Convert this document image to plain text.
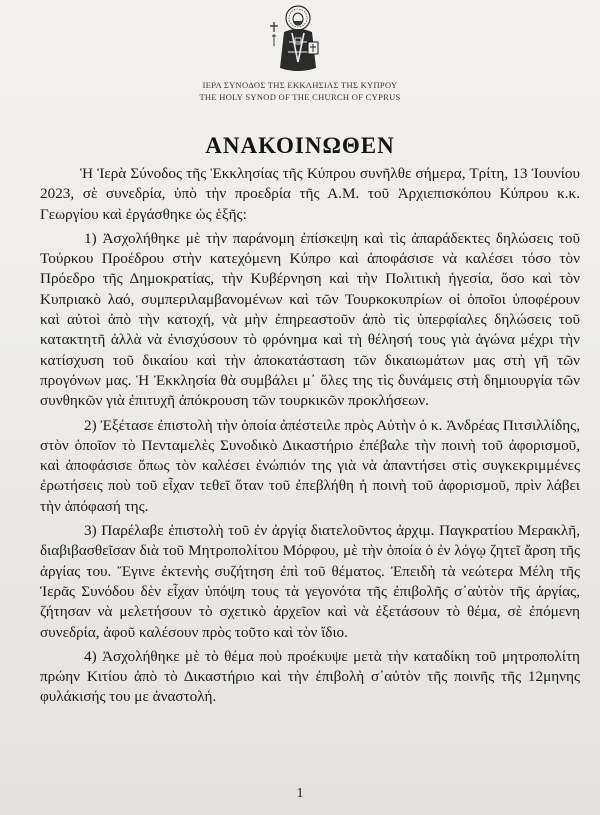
ΙΕΡΑ ΣΥΝΟΔΟΣ ΤΗΣ ΕΚΚΛΗΣΙΑΣ ΤΗΣ ΚΥΠΡΟΥ
THE HOLY SYNOD OF THE CHURCH OF CYPRUS
ΑΝΑΚΟΙΝΩΘΕΝ

Ἡ Ἱερὰ Σύνοδος τῆς Ἐκκλησίας τῆς Κύπρου συνῆλθε σήμερα, Τρίτη, 13 Ἰουνίου 2023, σὲ συνεδρία, ὑπὸ τὴν προεδρία τῆς Α.Μ. τοῦ Ἀρχιεπισκόπου Κύπρου κ.κ. Γεωργίου καὶ ἐργάσθηκε ὡς ἑξῆς:

1) Ἀσχολήθηκε μὲ τὴν παράνομη ἐπίσκεψη καὶ τὶς ἀπαράδεκτες δηλώσεις τοῦ Τούρκου Προέδρου στὴν κατεχόμενη Κύπρο καὶ ἀποφάσισε νὰ καλέσει τόσο τὸν Πρόεδρο τῆς Δημοκρατίας, τὴν Κυβέρνηση καὶ τὴν Πολιτικὴ ἡγεσία, ὅσο καὶ τὸν Κυπριακὸ λαό, συμπεριλαμβανομένων καὶ τῶν Τουρκοκυπρίων οἱ ὁποῖοι ὑποφέρουν καὶ αὐτοὶ ἀπὸ τὴν κατοχή, νὰ μὴν ἐπηρεαστοῦν ἀπὸ τὶς ὑπερφίαλες δηλώσεις τοῦ κατακτητῆ ἀλλὰ νὰ ἐνισχύσουν τὸ φρόνημα καὶ τὴ θέλησή τους γιὰ ἀγώνα μέχρι τὴν κατίσχυση τοῦ δικαίου καὶ τὴν ἀποκατάσταση τῶν δικαιωμάτων μας στὴ γῆ τῶν προγόνων μας. Ἡ Ἐκκλησία θὰ συμβάλει μ᾽ ὅλες της τὶς δυνάμεις στὴ δημιουργία τῶν συνθηκῶν γιὰ ἐπιτυχῆ ἀπόκρουση τῶν τουρκικῶν προκλήσεων.

2) Ἐξέτασε ἐπιστολὴ τὴν ὁποία ἀπέστειλε πρὸς Αὐτὴν ὁ κ. Ἀνδρέας Πιτσιλλίδης, στὸν ὁποῖον τὸ Πενταμελὲς Συνοδικὸ Δικαστήριο ἐπέβαλε τὴν ποινὴ τοῦ ἀφορισμοῦ, καὶ ἀποφάσισε ὅπως τὸν καλέσει ἐνώπιόν της γιὰ νὰ ἀπαντήσει στὶς συγκεκριμμένες ἐρωτήσεις ποὺ τοῦ εἶχαν τεθεῖ ὅταν τοῦ ἐπεβλήθη ἡ ποινὴ τοῦ ἀφορισμοῦ, πρὶν λάβει τὴν ἀπόφασή της.

3) Παρέλαβε ἐπιστολὴ τοῦ ἐν ἀργίᾳ διατελοῦντος ἀρχιμ. Παγκρατίου Μερακλῆ, διαβιβασθεῖσαν διὰ τοῦ Μητροπολίτου Μόρφου, μὲ τὴν ὁποία ὁ ἐν λόγῳ ζητεῖ ἄρση τῆς ἀργίας του. Ἔγινε ἐκτενὴς συζήτηση ἐπὶ τοῦ θέματος. Ἐπειδὴ τὰ νεώτερα Μέλη τῆς Ἱερᾶς Συνόδου δὲν εἶχαν ὑπόψη τους τὰ γεγονότα τῆς ἐπιβολῆς σ᾽αὐτὸν τῆς ἀργίας, ζήτησαν νὰ μελετήσουν τὸ σχετικὸ ἀρχεῖον καὶ νὰ ἐξετάσουν τὸ θέμα, σὲ ἐπόμενη συνεδρία, ἀφοῦ καλέσουν πρὸς τοῦτο καὶ τὸν ἴδιο.

4) Ἀσχολήθηκε μὲ τὸ θέμα ποὺ προέκυψε μετὰ τὴν καταδίκη τοῦ μητροπολίτη πρώην Κιτίου ἀπὸ τὸ Δικαστήριο καὶ τὴν ἐπιβολὴ σ᾽αὐτὸν τῆς ποινῆς τῆς 12μηνης φυλάκισής του με ἀναστολή.

1
